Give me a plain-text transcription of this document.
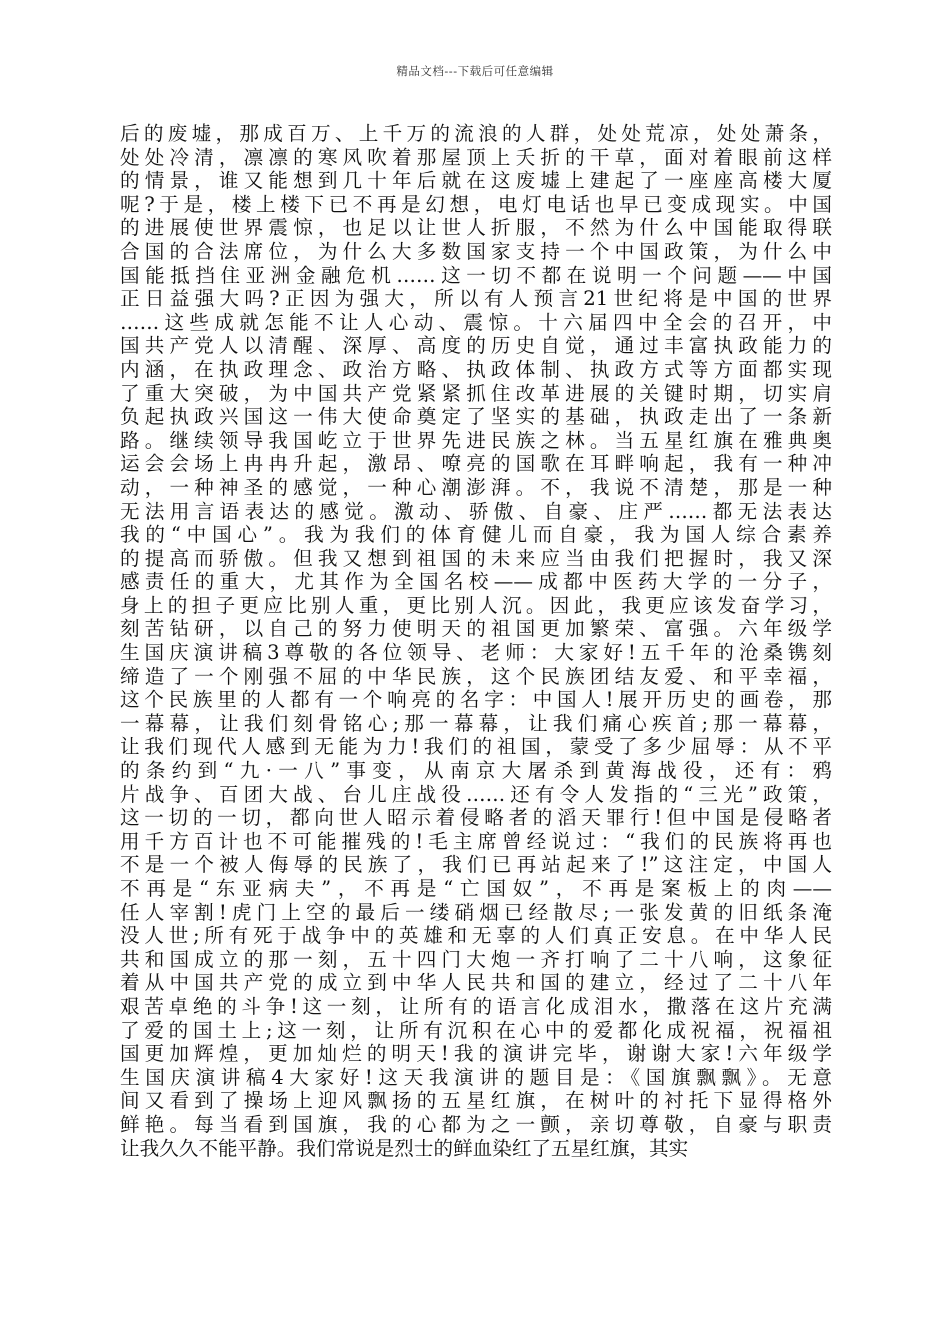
精品文档---下载后可任意编辑
后的废墟，那成百万、上千万的流浪的人群，处处荒凉，处处萧条，
处处冷清，凛凛的寒风吹着那屋顶上夭折的干草，面对着眼前这样
的情景，谁又能想到几十年后就在这废墟上建起了一座座高楼大厦
呢?于是，楼上楼下已不再是幻想，电灯电话也早已变成现实。中国
的进展使世界震惊，也足以让世人折服，不然为什么中国能取得联
合国的合法席位，为什么大多数国家支持一个中国政策，为什么中
国能抵挡住亚洲金融危机……这一切不都在说明一个问题——中国
正日益强大吗?正因为强大，所以有人预言21世纪将是中国的世界
……这些成就怎能不让人心动、震惊。十六届四中全会的召开，中
国共产党人以清醒、深厚、高度的历史自觉，通过丰富执政能力的
内涵，在执政理念、政治方略、执政体制、执政方式等方面都实现
了重大突破，为中国共产党紧紧抓住改革进展的关键时期，切实肩
负起执政兴国这一伟大使命奠定了坚实的基础，执政走出了一条新
路。继续领导我国屹立于世界先进民族之林。当五星红旗在雅典奥
运会会场上冉冉升起，激昂、嘹亮的国歌在耳畔响起，我有一种冲
动，一种神圣的感觉，一种心潮澎湃。不，我说不清楚，那是一种
无法用言语表达的感觉。激动、骄傲、自豪、庄严……都无法表达
我的“中国心”。我为我们的体育健儿而自豪，我为国人综合素养
的提高而骄傲。但我又想到祖国的未来应当由我们把握时，我又深
感责任的重大，尤其作为全国名校——成都中医药大学的一分子，
身上的担子更应比别人重，更比别人沉。因此，我更应该发奋学习，
刻苦钻研，以自己的努力使明天的祖国更加繁荣、富强。六年级学
生国庆演讲稿3尊敬的各位领导、老师：大家好!五千年的沧桑镌刻
缔造了一个刚强不屈的中华民族，这个民族团结友爱、和平幸福，
这个民族里的人都有一个响亮的名字：中国人!展开历史的画卷，那
一幕幕，让我们刻骨铭心;那一幕幕，让我们痛心疾首;那一幕幕，
让我们现代人感到无能为力!我们的祖国，蒙受了多少屈辱：从不平
的条约到“九·一八”事变，从南京大屠杀到黄海战役，还有：鸦
片战争、百团大战、台儿庄战役……还有令人发指的“三光”政策，
这一切的一切，都向世人昭示着侵略者的滔天罪行!但中国是侵略者
用千方百计也不可能摧残的!毛主席曾经说过：“我们的民族将再也
不是一个被人侮辱的民族了，我们已再站起来了!”这注定，中国人
不再是“东亚病夫”，不再是“亡国奴”，不再是案板上的肉——
任人宰割!虎门上空的最后一缕硝烟已经散尽;一张发黄的旧纸条淹
没人世;所有死于战争中的英雄和无辜的人们真正安息。在中华人民
共和国成立的那一刻，五十四门大炮一齐打响了二十八响，这象征
着从中国共产党的成立到中华人民共和国的建立，经过了二十八年
艰苦卓绝的斗争!这一刻，让所有的语言化成泪水，撒落在这片充满
了爱的国土上;这一刻，让所有沉积在心中的爱都化成祝福，祝福祖
国更加辉煌，更加灿烂的明天!我的演讲完毕，谢谢大家!六年级学
生国庆演讲稿4大家好!这天我演讲的题目是：《国旗飘飘》。无意
间又看到了操场上迎风飘扬的五星红旗，在树叶的衬托下显得格外
鲜艳。每当看到国旗，我的心都为之一颤，亲切尊敬，自豪与职责
让我久久不能平静。我们常说是烈士的鲜血染红了五星红旗，其实
